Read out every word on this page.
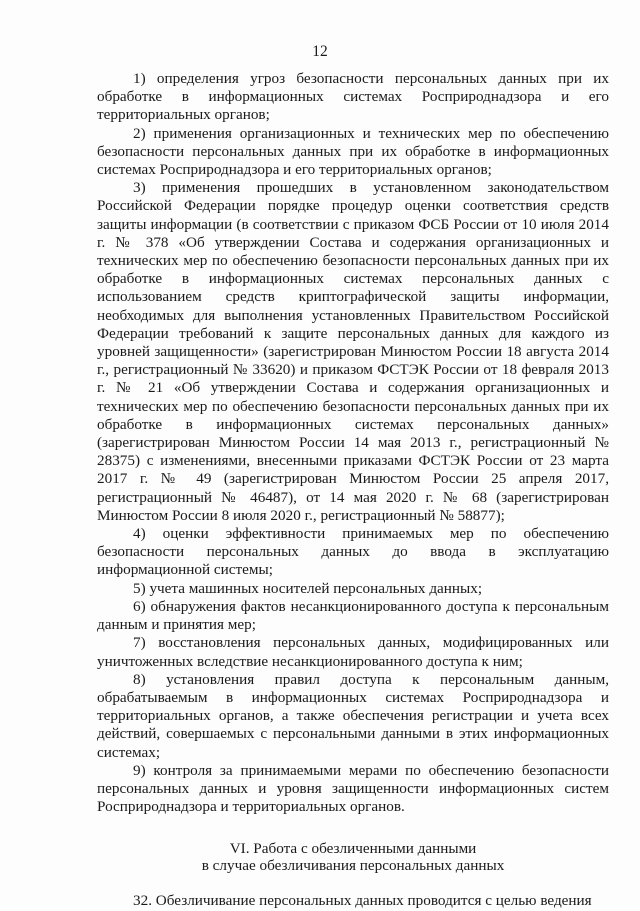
12

1) определения угроз безопасности персональных данных при их обработке в информационных системах Росприроднадзора и его территориальных органов;

2) применения организационных и технических мер по обеспечению безопасности персональных данных при их обработке в информационных системах Росприроднадзора и его территориальных органов;

3) применения прошедших в установленном законодательством Российской Федерации порядке процедур оценки соответствия средств защиты информации (в соответствии с приказом ФСБ России от 10 июля 2014 г. № 378 «Об утверждении Состава и содержания организационных и технических мер по обеспечению безопасности персональных данных при их обработке в информационных системах персональных данных с использованием средств криптографической защиты информации, необходимых для выполнения установленных Правительством Российской Федерации требований к защите персональных данных для каждого из уровней защищенности» (зарегистрирован Минюстом России 18 августа 2014 г., регистрационный № 33620) и приказом ФСТЭК России от 18 февраля 2013 г. № 21 «Об утверждении Состава и содержания организационных и технических мер по обеспечению безопасности персональных данных при их обработке в информационных системах персональных данных» (зарегистрирован Минюстом России 14 мая 2013 г., регистрационный № 28375) с изменениями, внесенными приказами ФСТЭК России от 23 марта 2017 г. № 49 (зарегистрирован Минюстом России 25 апреля 2017, регистрационный № 46487), от 14 мая 2020 г. № 68 (зарегистрирован Минюстом России 8 июля 2020 г., регистрационный № 58877);

4) оценки эффективности принимаемых мер по обеспечению безопасности персональных данных до ввода в эксплуатацию информационной системы;

5) учета машинных носителей персональных данных;

6) обнаружения фактов несанкционированного доступа к персональным данным и принятия мер;

7) восстановления персональных данных, модифицированных или уничтоженных вследствие несанкционированного доступа к ним;

8) установления правил доступа к персональным данным, обрабатываемым в информационных системах Росприроднадзора и территориальных органов, а также обеспечения регистрации и учета всех действий, совершаемых с персональными данными в этих информационных системах;

9) контроля за принимаемыми мерами по обеспечению безопасности персональных данных и уровня защищенности информационных систем Росприроднадзора и территориальных органов.

VI. Работа с обезличенными данными
в случае обезличивания персональных данных

32. Обезличивание персональных данных проводится с целью ведения
